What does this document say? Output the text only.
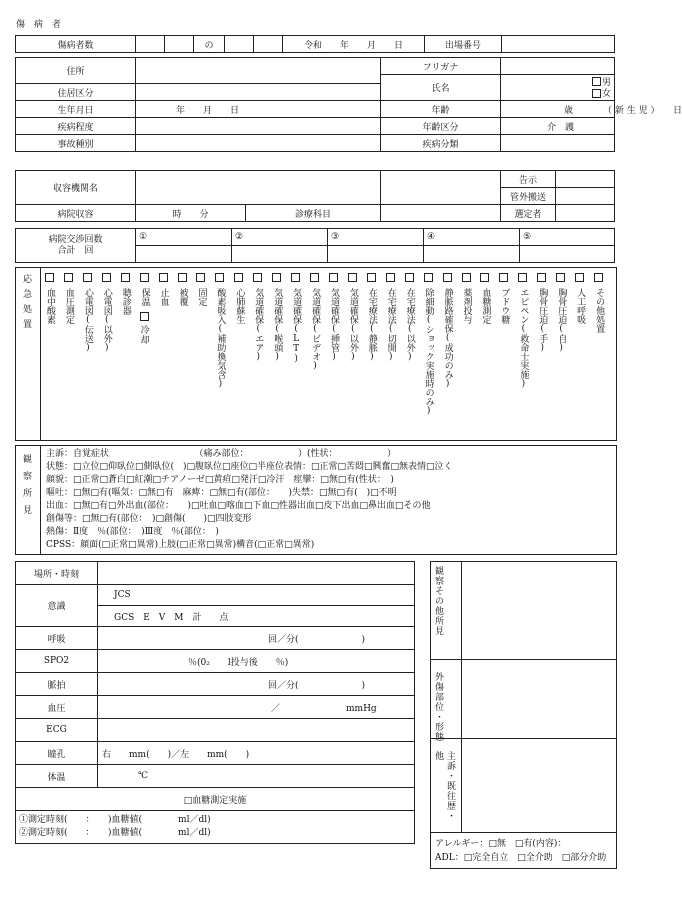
傷　病　者
傷病者数			の			令和　　年　　月　　日	出場番号	
住所		フリガナ	
		氏名	男
女
住居区分			
生年月日	年　　月　　日	年齢	歳 （ 新 生 児 ）　　日
疾病程度		年齢区分	介　護
事故種別		疾病分類	
収容機関名				告示	
				管外搬送	
病院収容	時　　分	診療科目		選定者	
病院交渉回数
合計　回	①	②	③	④	⑤

応急処置 血中酸素 血圧測定 心電図(伝送) 心電図(以外) 聴診器 保温
冷却
止血 被覆 固定 酸素吸入(補助換気含) 心肺蘇生 気道確保(エア) 気道確保(喉頭) 気道確保(LT) 気道確保(ビデオ) 気道確保(挿管) 気道確保(以外) 在宅療法(静脈) 在宅療法(切開) 在宅療法(以外) 除細動(ショック実施時のみ) 静脈路確保(成功のみ) 薬剤投与 血糖測定 ブドウ糖 エピペン(救命士実施) 胸骨圧迫(手) 胸骨圧迫(自) 人工呼吸 その他処置
観察所見 主訴：自覚症状　　　　　　　　　　（痛み部位：　　　　　　）(性状：　　　　　　）
状態：□立位□仰臥位□側臥位(　)□腹臥位□座位□半座位表情：□正常□苦悶□興奮□無表情□泣く
顔貌：□正常□蒼白□紅潮□チアノーゼ□黄疸□発汗□冷汗　痙攣：□無□有(性状：　)
嘔吐：□無□有(嘔気：□無□有　麻痺：□無□有(部位：　　)失禁：□無□有(　)□不明
出血：□無□有□外出血(部位：　　)□吐血□喀血□下血□性器出血□皮下出血□鼻出血□その他
創傷等：□無□有(部位：　)□創傷(　　)□四肢変形
熱傷：Ⅱ度　％(部位：　)Ⅲ度　％(部位：　)
CPSS：顔面(□正常□異常)上肢(□正常□異常)構音(□正常□異常)
場所・時刻	
意識	JCS
	GCS　E　V　M　計　　点
呼吸	回／分(　　　　　　　)
SPO2	％(0₂　　l投与後　　％)
脈拍	回／分(　　　　　　　)
血圧	／ mmHg
ECG	
瞳孔	右　　mm(　　)／左　　mm(　　)
体温	℃
□血糖測定実施	
①測定時刻(　　：　　)血糖値(　　　　ml／dl)
②測定時刻(　　：　　)血糖値(　　　　ml／dl)	
観察その他所見
外傷部位・形態
他 主訴・既往歴・
アレルギー：□無　□有(内容)：
ADL：□完全自立　□全介助　□部分介助
